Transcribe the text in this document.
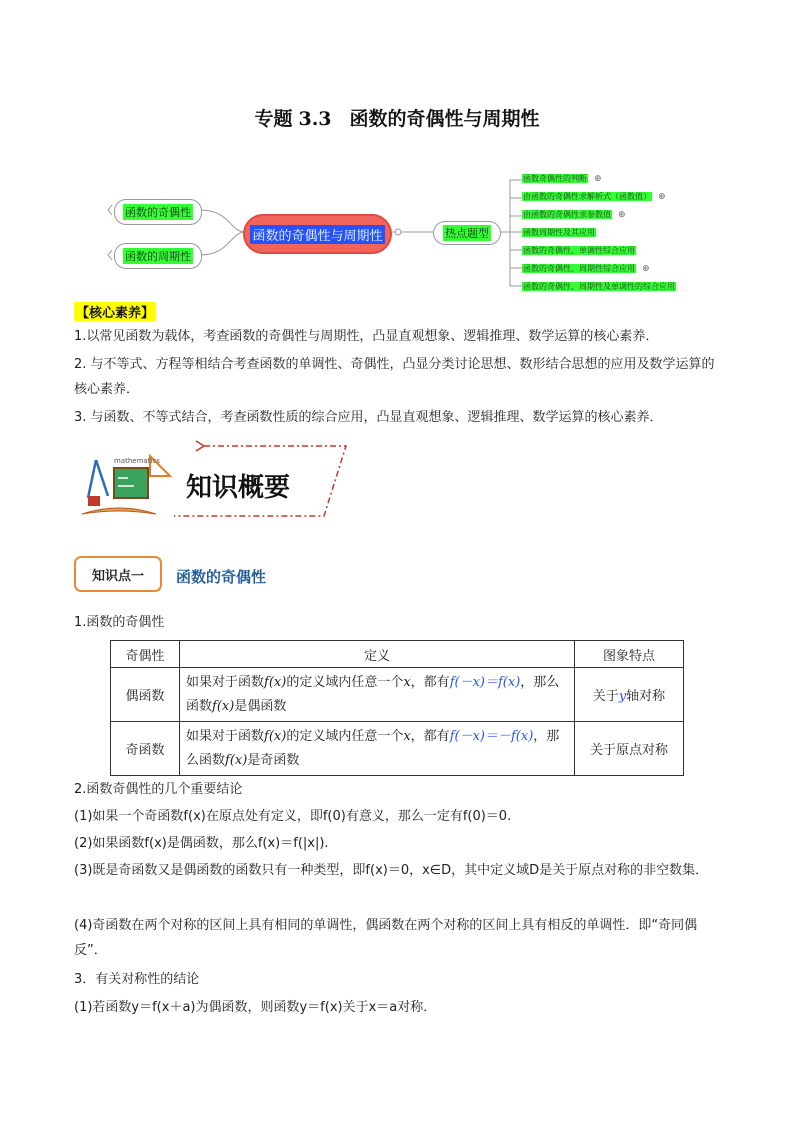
专题 3.3 函数的奇偶性与周期性
函数的奇偶性
函数的周期性
函数的奇偶性与周期性	热点题型
函数奇偶性的判断 ⊕
由函数的奇偶性求解析式（函数值） ⊕
由函数的奇偶性求参数值 ⊕
函数周期性及其应用
函数的奇偶性、单调性综合应用
函数的奇偶性、周期性综合应用 ⊕
函数的奇偶性、周期性及单调性的综合应用
【核心素养】
1.以常见函数为载体，考查函数的奇偶性与周期性，凸显直观想象、逻辑推理、数学运算的核心素养．
2. 与不等式、方程等相结合考查函数的单调性、奇偶性，凸显分类讨论思想、数形结合思想的应用及数学运算的核心素养．
3. 与函数、不等式结合，考查函数性质的综合应用，凸显直观想象、逻辑推理、数学运算的核心素养．
mathematics
知识概要
知识点一	函数的奇偶性
1.函数的奇偶性
奇偶性	定义	图象特点
偶函数	如果对于函数f(x)的定义域内任意一个x，都有f(－x)＝f(x)，那么函数f(x)是偶函数	关于y轴对称
奇函数	如果对于函数f(x)的定义域内任意一个x，都有f(－x)＝－f(x)，那么函数f(x)是奇函数	关于原点对称
2.函数奇偶性的几个重要结论
(1)如果一个奇函数f(x)在原点处有定义，即f(0)有意义，那么一定有f(0)＝0.
(2)如果函数f(x)是偶函数，那么f(x)＝f(|x|).
(3)既是奇函数又是偶函数的函数只有一种类型，即f(x)＝0，x∈D，其中定义域D是关于原点对称的非空数集．
(4)奇函数在两个对称的区间上具有相同的单调性，偶函数在两个对称的区间上具有相反的单调性．即“奇同偶反”．
3．有关对称性的结论
(1)若函数y＝f(x＋a)为偶函数，则函数y＝f(x)关于x＝a对称．
